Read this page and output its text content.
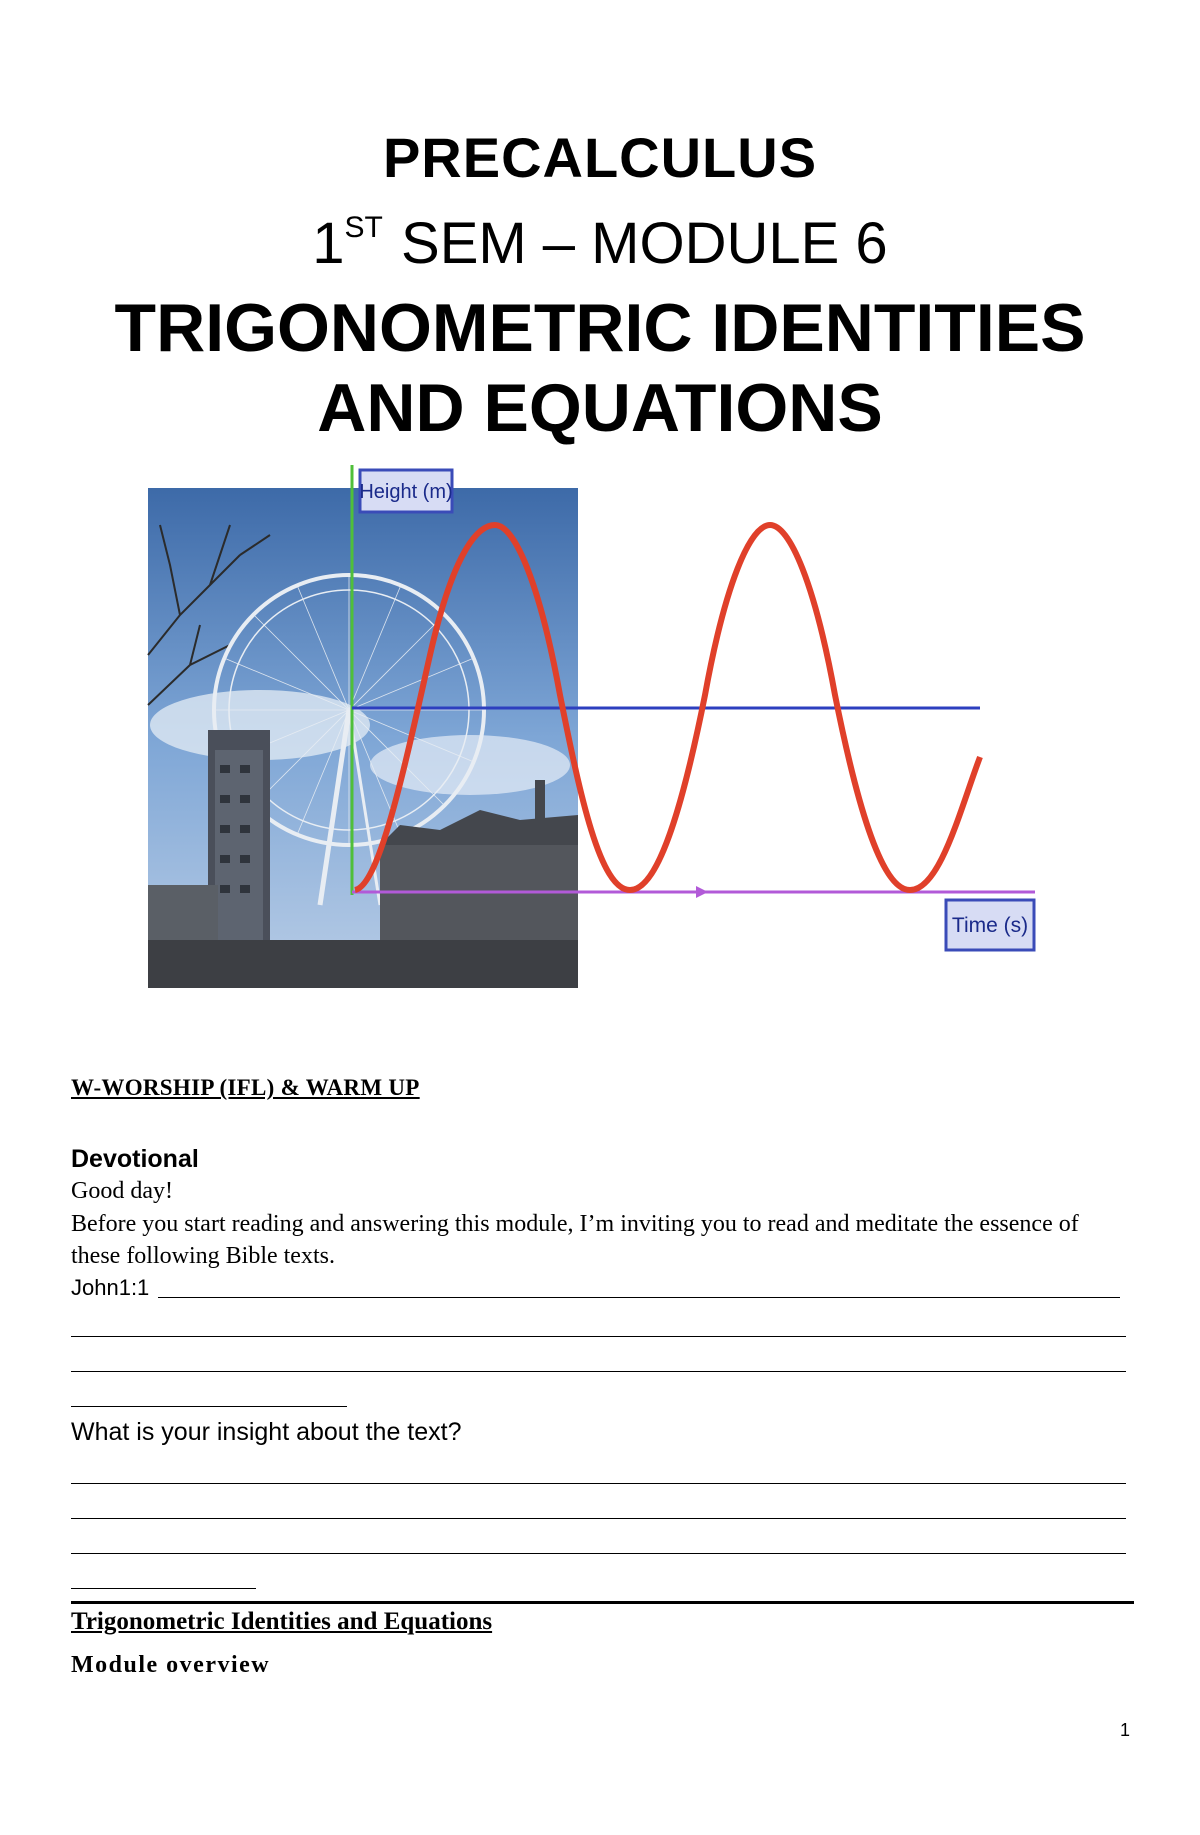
PRECALCULUS
1ST SEM – MODULE 6
TRIGONOMETRIC IDENTITIES
AND EQUATIONS
Height (m)
Time (s)
W-WORSHIP (IFL) & WARM UP
Devotional
Good day!
Before you start reading and answering this module, I’m inviting you to read and meditate the essence of these following Bible texts.
John1:1
What is your insight about the text?
Trigonometric Identities and Equations
Module overview
1
